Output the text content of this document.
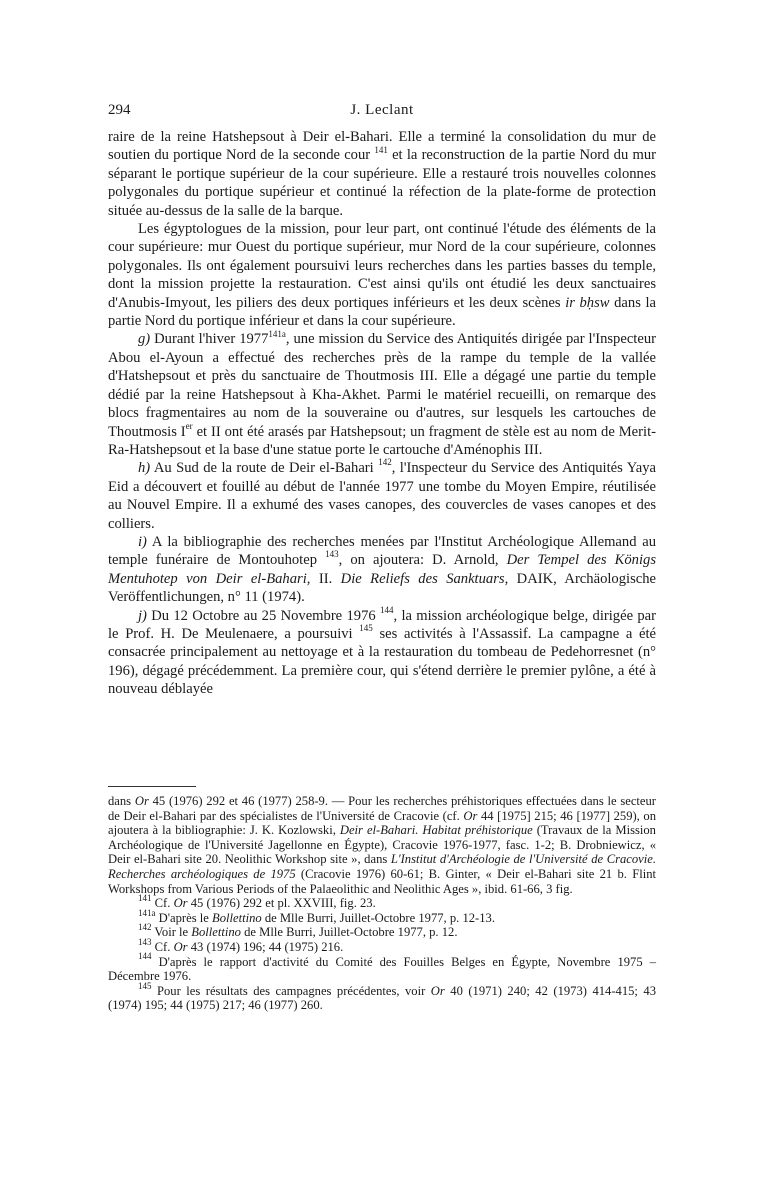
294	J. Leclant

raire de la reine Hatshepsout à Deir el-Bahari. Elle a terminé la consolidation du mur de soutien du portique Nord de la seconde cour $^{141}$ et la reconstruction de la partie Nord du mur séparant le portique supérieur de la cour supérieure. Elle a restauré trois nouvelles colonnes polygonales du portique supérieur et continué la réfection de la plate-forme de protection située au-dessus de la salle de la barque.

Les égyptologues de la mission, pour leur part, ont continué l'étude des éléments de la cour supérieure: mur Ouest du portique supérieur, mur Nord de la cour supérieure, colonnes polygonales. Ils ont également poursuivi leurs recherches dans les parties basses du temple, dont la mission projette la restauration. C'est ainsi qu'ils ont étudié les deux sanctuaires d'Anubis-Imyout, les piliers des deux portiques inférieurs et les deux scènes ir bḥsw dans la partie Nord du portique inférieur et dans la cour supérieure.

g) Durant l'hiver $1977^{141a}$, une mission du Service des Antiquités dirigée par l'Inspecteur Abou el-Ayoun a effectué des recherches près de la rampe du temple de la vallée d'Hatshepsout et près du sanctuaire de Thoutmosis III. Elle a dégagé une partie du temple dédié par la reine Hatshepsout à Kha-Akhet. Parmi le matériel recueilli, on remarque des blocs fragmentaires au nom de la souveraine ou d'autres, sur lesquels les cartouches de Thoutmosis Ier et II ont été arasés par Hatshepsout; un fragment de stèle est au nom de Merit-Ra-Hatshepsout et la base d'une statue porte le cartouche d'Aménophis III.

h) Au Sud de la route de Deir el-Bahari $^{142}$, l'Inspecteur du Service des Antiquités Yaya Eid a découvert et fouillé au début de l'année 1977 une tombe du Moyen Empire, réutilisée au Nouvel Empire. Il a exhumé des vases canopes, des couvercles de vases canopes et des colliers.

i) A la bibliographie des recherches menées par l'Institut Archéologique Allemand au temple funéraire de Montouhotep $^{143}$, on ajoutera: D. Arnold, Der Tempel des Königs Mentuhotep von Deir el-Bahari, II. Die Reliefs des Sanktuars, DAIK, Archäologische Veröffentlichungen, n° 11 (1974).

j) Du 12 Octobre au 25 Novembre 1976 $^{144}$, la mission archéologique belge, dirigée par le Prof. H. De Meulenaere, a poursuivi $^{145}$ ses activités à l'Assassif. La campagne a été consacrée principalement au nettoyage et à la restauration du tombeau de Pedehorresnet (n° 196), dégagé précédemment. La première cour, qui s'étend derrière le premier pylône, a été à nouveau déblayée

dans Or 45 (1976) 292 et 46 (1977) 258-9. — Pour les recherches préhistoriques effectuées dans le secteur de Deir el-Bahari par des spécialistes de l'Université de Cracovie (cf. Or 44 [1975] 215; 46 [1977] 259), on ajoutera à la bibliographie: J. K. Kozlowski, Deir el-Bahari. Habitat préhistorique (Travaux de la Mission Archéologique de l'Université Jagellonne en Égypte), Cracovie 1976-1977, fasc. 1-2; B. Drobniewicz, « Deir el-Bahari site 20. Neolithic Workshop site », dans L'Institut d'Archéologie de l'Université de Cracovie. Recherches archéologiques de 1975 (Cracovie 1976) 60-61; B. Ginter, « Deir el-Bahari site 21 b. Flint Workshops from Various Periods of the Palaeolithic and Neolithic Ages », ibid. 61-66, 3 fig.

$^{141}$ Cf. Or 45 (1976) 292 et pl. XXVIII, fig. 23.

$^{141a}$ D'après le Bollettino de Mlle Burri, Juillet-Octobre 1977, p. 12-13.

$^{142}$ Voir le Bollettino de Mlle Burri, Juillet-Octobre 1977, p. 12.

$^{143}$ Cf. Or 43 (1974) 196; 44 (1975) 216.

$^{144}$ D'après le rapport d'activité du Comité des Fouilles Belges en Égypte, Novembre 1975 – Décembre 1976.

$^{145}$ Pour les résultats des campagnes précédentes, voir Or 40 (1971) 240; 42 (1973) 414-415; 43 (1974) 195; 44 (1975) 217; 46 (1977) 260.
